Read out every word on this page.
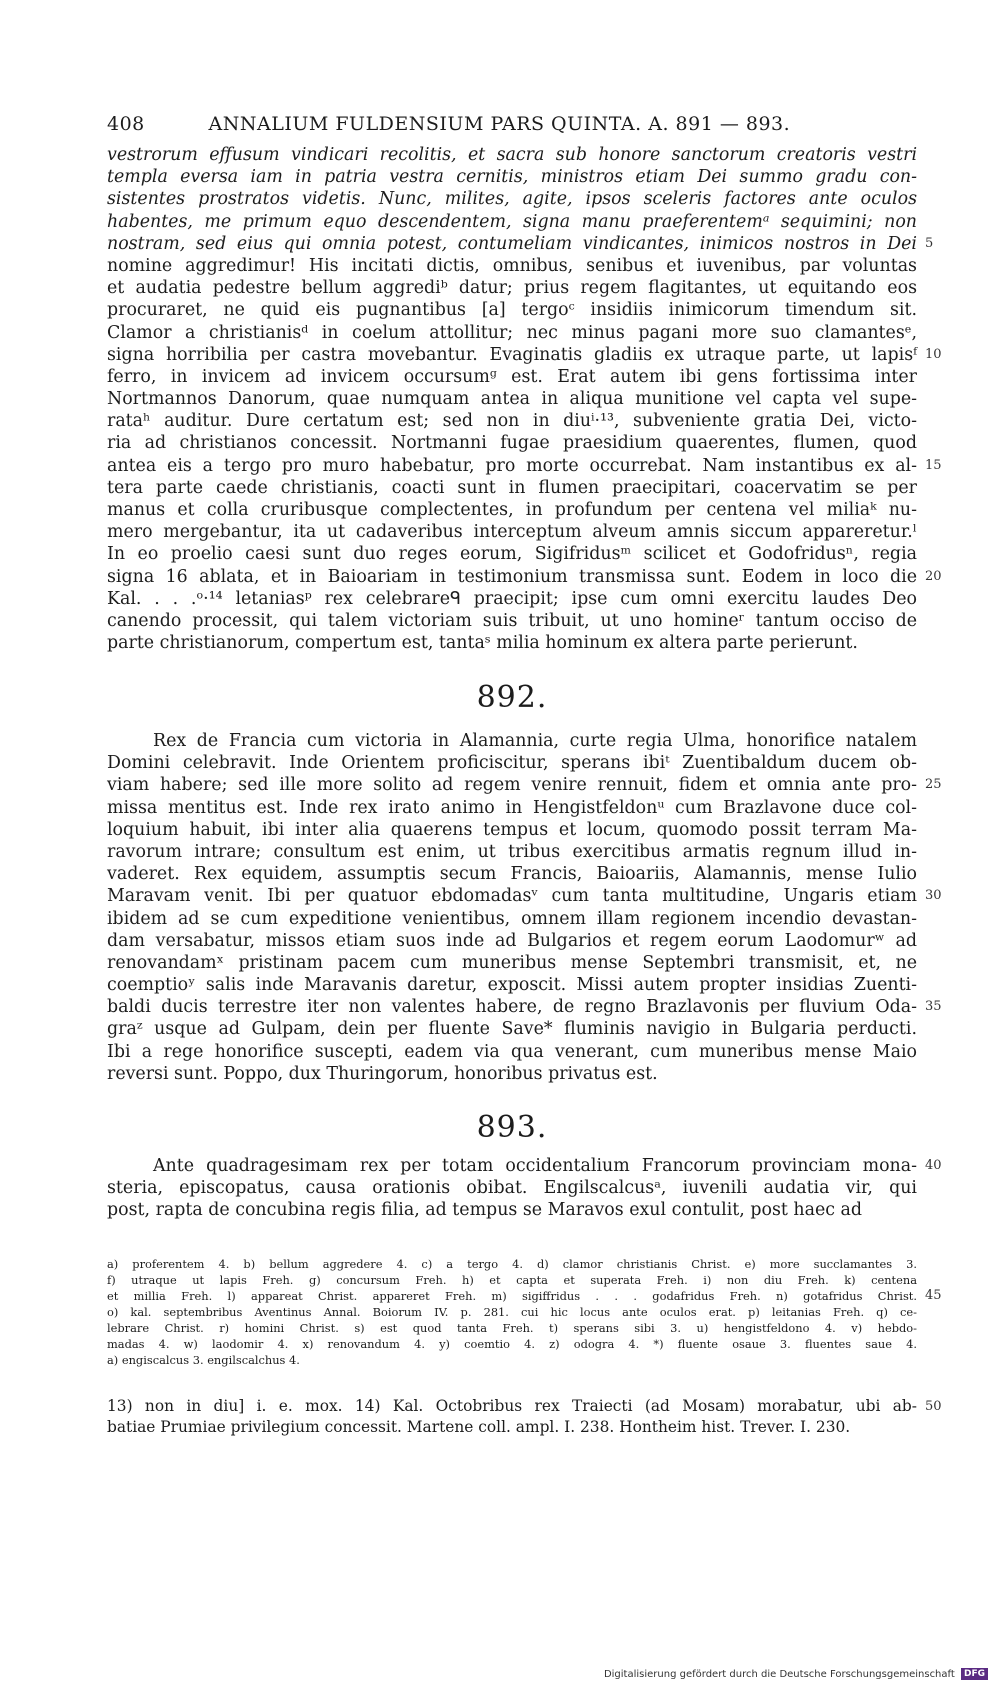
408	ANNALIUM FULDENSIUM PARS QUINTA. A. 891 — 893.
vestrorum effusum vindicari recolitis, et sacra sub honore sanctorum creatoris vestri
templa eversa iam in patria vestra cernitis, ministros etiam Dei summo gradu con-
sistentes prostratos videtis. Nunc, milites, agite, ipsos sceleris factores ante oculos
habentes, me primum equo descendentem, signa manu praeferentemᵃ sequimini; non
nostram, sed eius qui omnia potest, contumeliam vindicantes, inimicos nostros in Dei 5
nomine aggredimur! His incitati dictis, omnibus, senibus et iuvenibus, par voluntas
et audatia pedestre bellum aggrediᵇ datur; prius regem flagitantes, ut equitando eos
procuraret, ne quid eis pugnantibus [a] tergoᶜ insidiis inimicorum timendum sit.
Clamor a christianisᵈ in coelum attollitur; nec minus pagani more suo clamantesᵉ,
signa horribilia per castra movebantur. Evaginatis gladiis ex utraque parte, ut lapisᶠ 10
ferro, in invicem ad invicem occursumᵍ est. Erat autem ibi gens fortissima inter
Nortmannos Danorum, quae numquam antea in aliqua munitione vel capta vel supe-
rataʰ auditur. Dure certatum est; sed non in diuⁱ·¹³, subveniente gratia Dei, victo-
ria ad christianos concessit. Nortmanni fugae praesidium quaerentes, flumen, quod
antea eis a tergo pro muro habebatur, pro morte occurrebat. Nam instantibus ex al- 15
tera parte caede christianis, coacti sunt in flumen praecipitari, coacervatim se per
manus et colla cruribusque complectentes, in profundum per centena vel miliaᵏ nu-
mero mergebantur, ita ut cadaveribus interceptum alveum amnis siccum appareretur.ˡ
In eo proelio caesi sunt duo reges eorum, Sigifridusᵐ scilicet et Godofridusⁿ, regia
signa 16 ablata, et in Baioariam in testimonium transmissa sunt. Eodem in loco die 20
Kal. . . .ᵒ·¹⁴ letaniasᵖ rex celebrareᑫ praecipit; ipse cum omni exercitu laudes Deo
canendo processit, qui talem victoriam suis tribuit, ut uno homineʳ tantum occiso de
parte christianorum, compertum est, tantaˢ milia hominum ex altera parte perierunt.
892.
Rex de Francia cum victoria in Alamannia, curte regia Ulma, honorifice natalem
Domini celebravit. Inde Orientem proficiscitur, sperans ibiᵗ Zuentibaldum ducem ob-
viam habere; sed ille more solito ad regem venire rennuit, fidem et omnia ante pro- 25
missa mentitus est. Inde rex irato animo in Hengistfeldonᵘ cum Brazlavone duce col-
loquium habuit, ibi inter alia quaerens tempus et locum, quomodo possit terram Ma-
ravorum intrare; consultum est enim, ut tribus exercitibus armatis regnum illud in-
vaderet. Rex equidem, assumptis secum Francis, Baioariis, Alamannis, mense Iulio
Maravam venit. Ibi per quatuor ebdomadasᵛ cum tanta multitudine, Ungaris etiam 30
ibidem ad se cum expeditione venientibus, omnem illam regionem incendio devastan-
dam versabatur, missos etiam suos inde ad Bulgarios et regem eorum Laodomurʷ ad
renovandamˣ pristinam pacem cum muneribus mense Septembri transmisit, et, ne
coemptioʸ salis inde Maravanis daretur, exposcit. Missi autem propter insidias Zuenti-
baldi ducis terrestre iter non valentes habere, de regno Brazlavonis per fluvium Oda- 35
graᶻ usque ad Gulpam, dein per fluente Save* fluminis navigio in Bulgaria perducti.
Ibi a rege honorifice suscepti, eadem via qua venerant, cum muneribus mense Maio
reversi sunt. Poppo, dux Thuringorum, honoribus privatus est.
893.
Ante quadragesimam rex per totam occidentalium Francorum provinciam mona- 40
steria, episcopatus, causa orationis obibat. Engilscalcusᵃ, iuvenili audatia vir, qui
post, rapta de concubina regis filia, ad tempus se Maravos exul contulit, post haec ad
a) proferentem 4. b) bellum aggredere 4. c) a tergo 4. d) clamor christianis Christ. e) more succlamantes 3.
f) utraque ut lapis Freh. g) concursum Freh. h) et capta et superata Freh. i) non diu Freh. k) centena
et millia Freh. l) appareat Christ. appareret Freh. m) sigiffridus . . . godafridus Freh. n) gotafridus Christ. 45
o) kal. septembribus Aventinus Annal. Boiorum IV. p. 281. cui hic locus ante oculos erat. p) leitanias Freh. q) ce-
lebrare Christ. r) homini Christ. s) est quod tanta Freh. t) sperans sibi 3. u) hengistfeldono 4. v) hebdo-
madas 4. w) laodomir 4. x) renovandum 4. y) coemtio 4. z) odogra 4. *) fluente osaue 3. fluentes saue 4.
a) engiscalcus 3. engilscalchus 4.
13) non in diu] i. e. mox. 14) Kal. Octobribus rex Traiecti (ad Mosam) morabatur, ubi ab- 50
batiae Prumiae privilegium concessit. Martene coll. ampl. I. 238. Hontheim hist. Trever. I. 230.
Digitalisierung gefördert durch die Deutsche Forschungsgemeinschaft DFG
